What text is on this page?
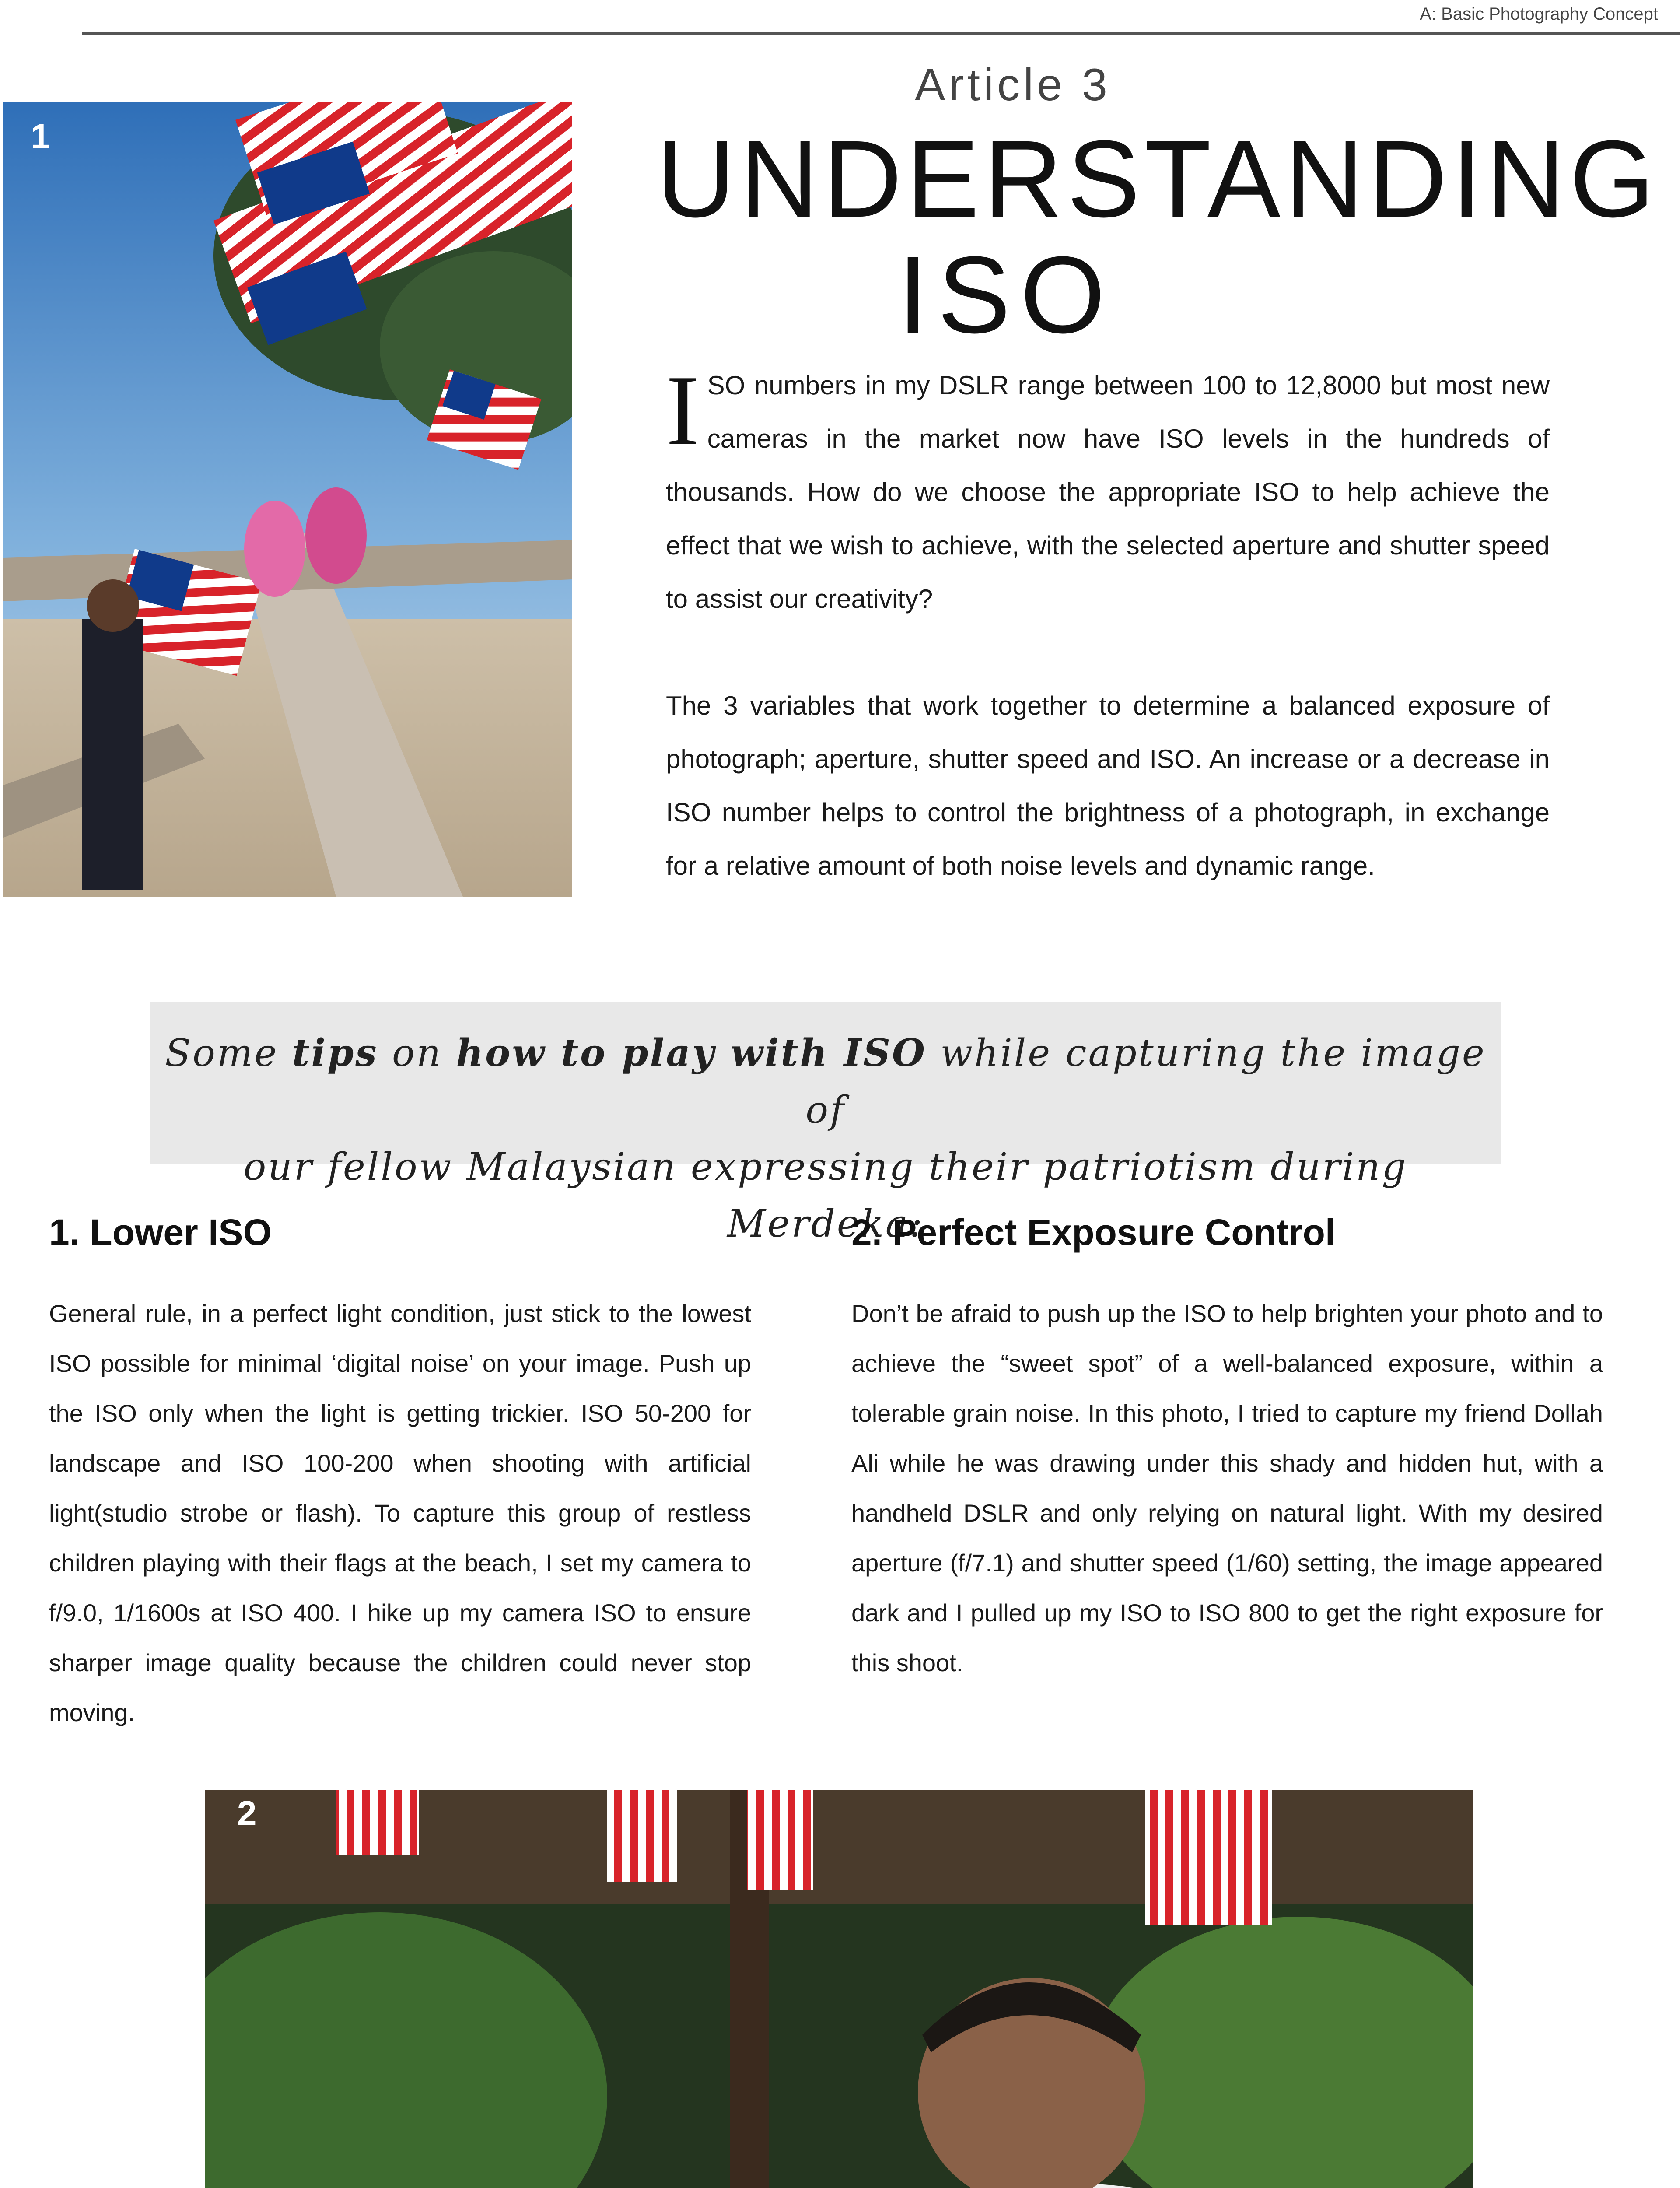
A: Basic Photography Concept
1
Article 3
UNDERSTANDING
ISO

ISO numbers in my DSLR range between 100 to 12,8000 but most new cameras in the market now have ISO levels in the hundreds of thousands. How do we choose the appropriate ISO to help achieve the effect that we wish to achieve, with the selected aperture and shutter speed to assist our creativity?

The 3 variables that work together to determine a balanced exposure of photograph; aperture, shutter speed and ISO. An increase or a decrease in ISO number helps to control the brightness of a photograph, in exchange for a relative amount of both noise levels and dynamic range.

Some tips on how to play with ISO while capturing the image of
our fellow Malaysian expressing their patriotism during Merdeka:

1. Lower ISO	2. Perfect Exposure Control

General rule, in a perfect light condition, just stick to the lowest ISO possible for minimal ‘digital noise’ on your image. Push up the ISO only when the light is getting trickier. ISO 50-200 for landscape and ISO 100-200 when shooting with artificial light(studio strobe or flash). To capture this group of restless children playing with their flags at the beach, I set my camera to f/9.0, 1/1600s at ISO 400. I hike up my camera ISO to ensure sharper image quality because the children could never stop moving.

Don’t be afraid to push up the ISO to help brighten your photo and to achieve the “sweet spot” of a well-balanced exposure, within a tolerable grain noise. In this photo, I tried to capture my friend Dollah Ali while he was drawing under this shady and hidden hut, with a handheld DSLR and only relying on natural light. With my desired aperture (f/7.1) and shutter speed (1/60) setting, the image appeared dark and I pulled up my ISO to ISO 800 to get the right exposure for this shoot.

2
